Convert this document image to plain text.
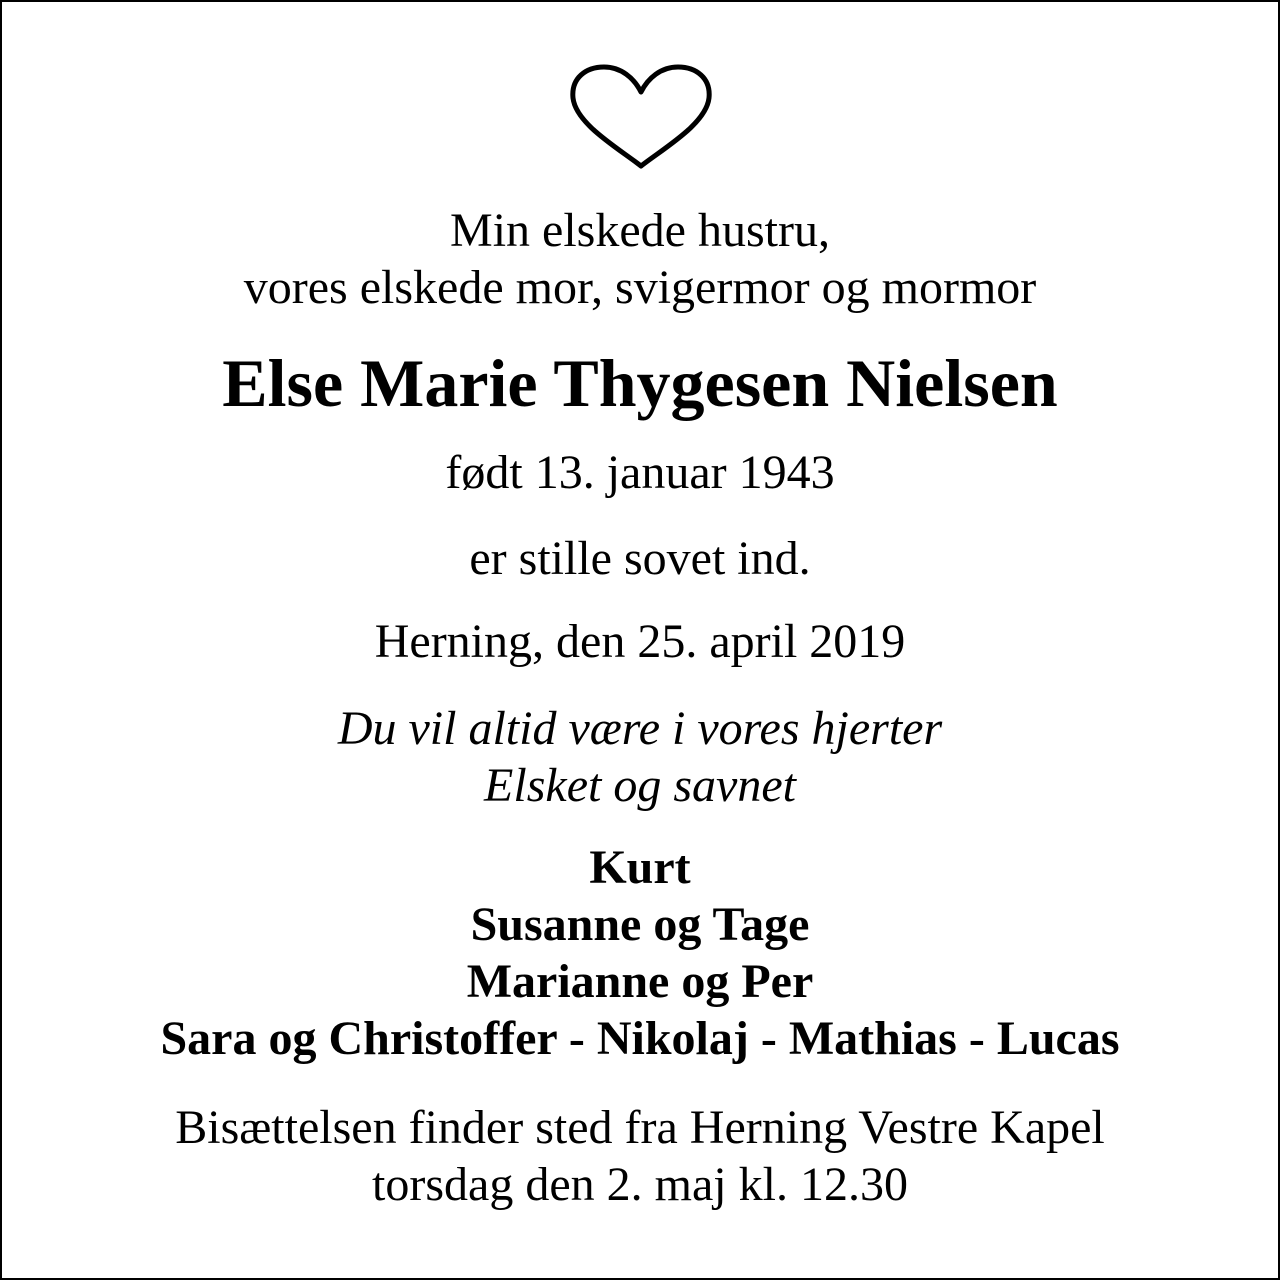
Min elskede hustru,
vores elskede mor, svigermor og mormor
Else Marie Thygesen Nielsen
født 13. januar 1943
er stille sovet ind.
Herning, den 25. april 2019
Du vil altid være i vores hjerter
Elsket og savnet
Kurt
Susanne og Tage
Marianne og Per
Sara og Christoffer - Nikolaj - Mathias - Lucas
Bisættelsen finder sted fra Herning Vestre Kapel
torsdag den 2. maj kl. 12.30
